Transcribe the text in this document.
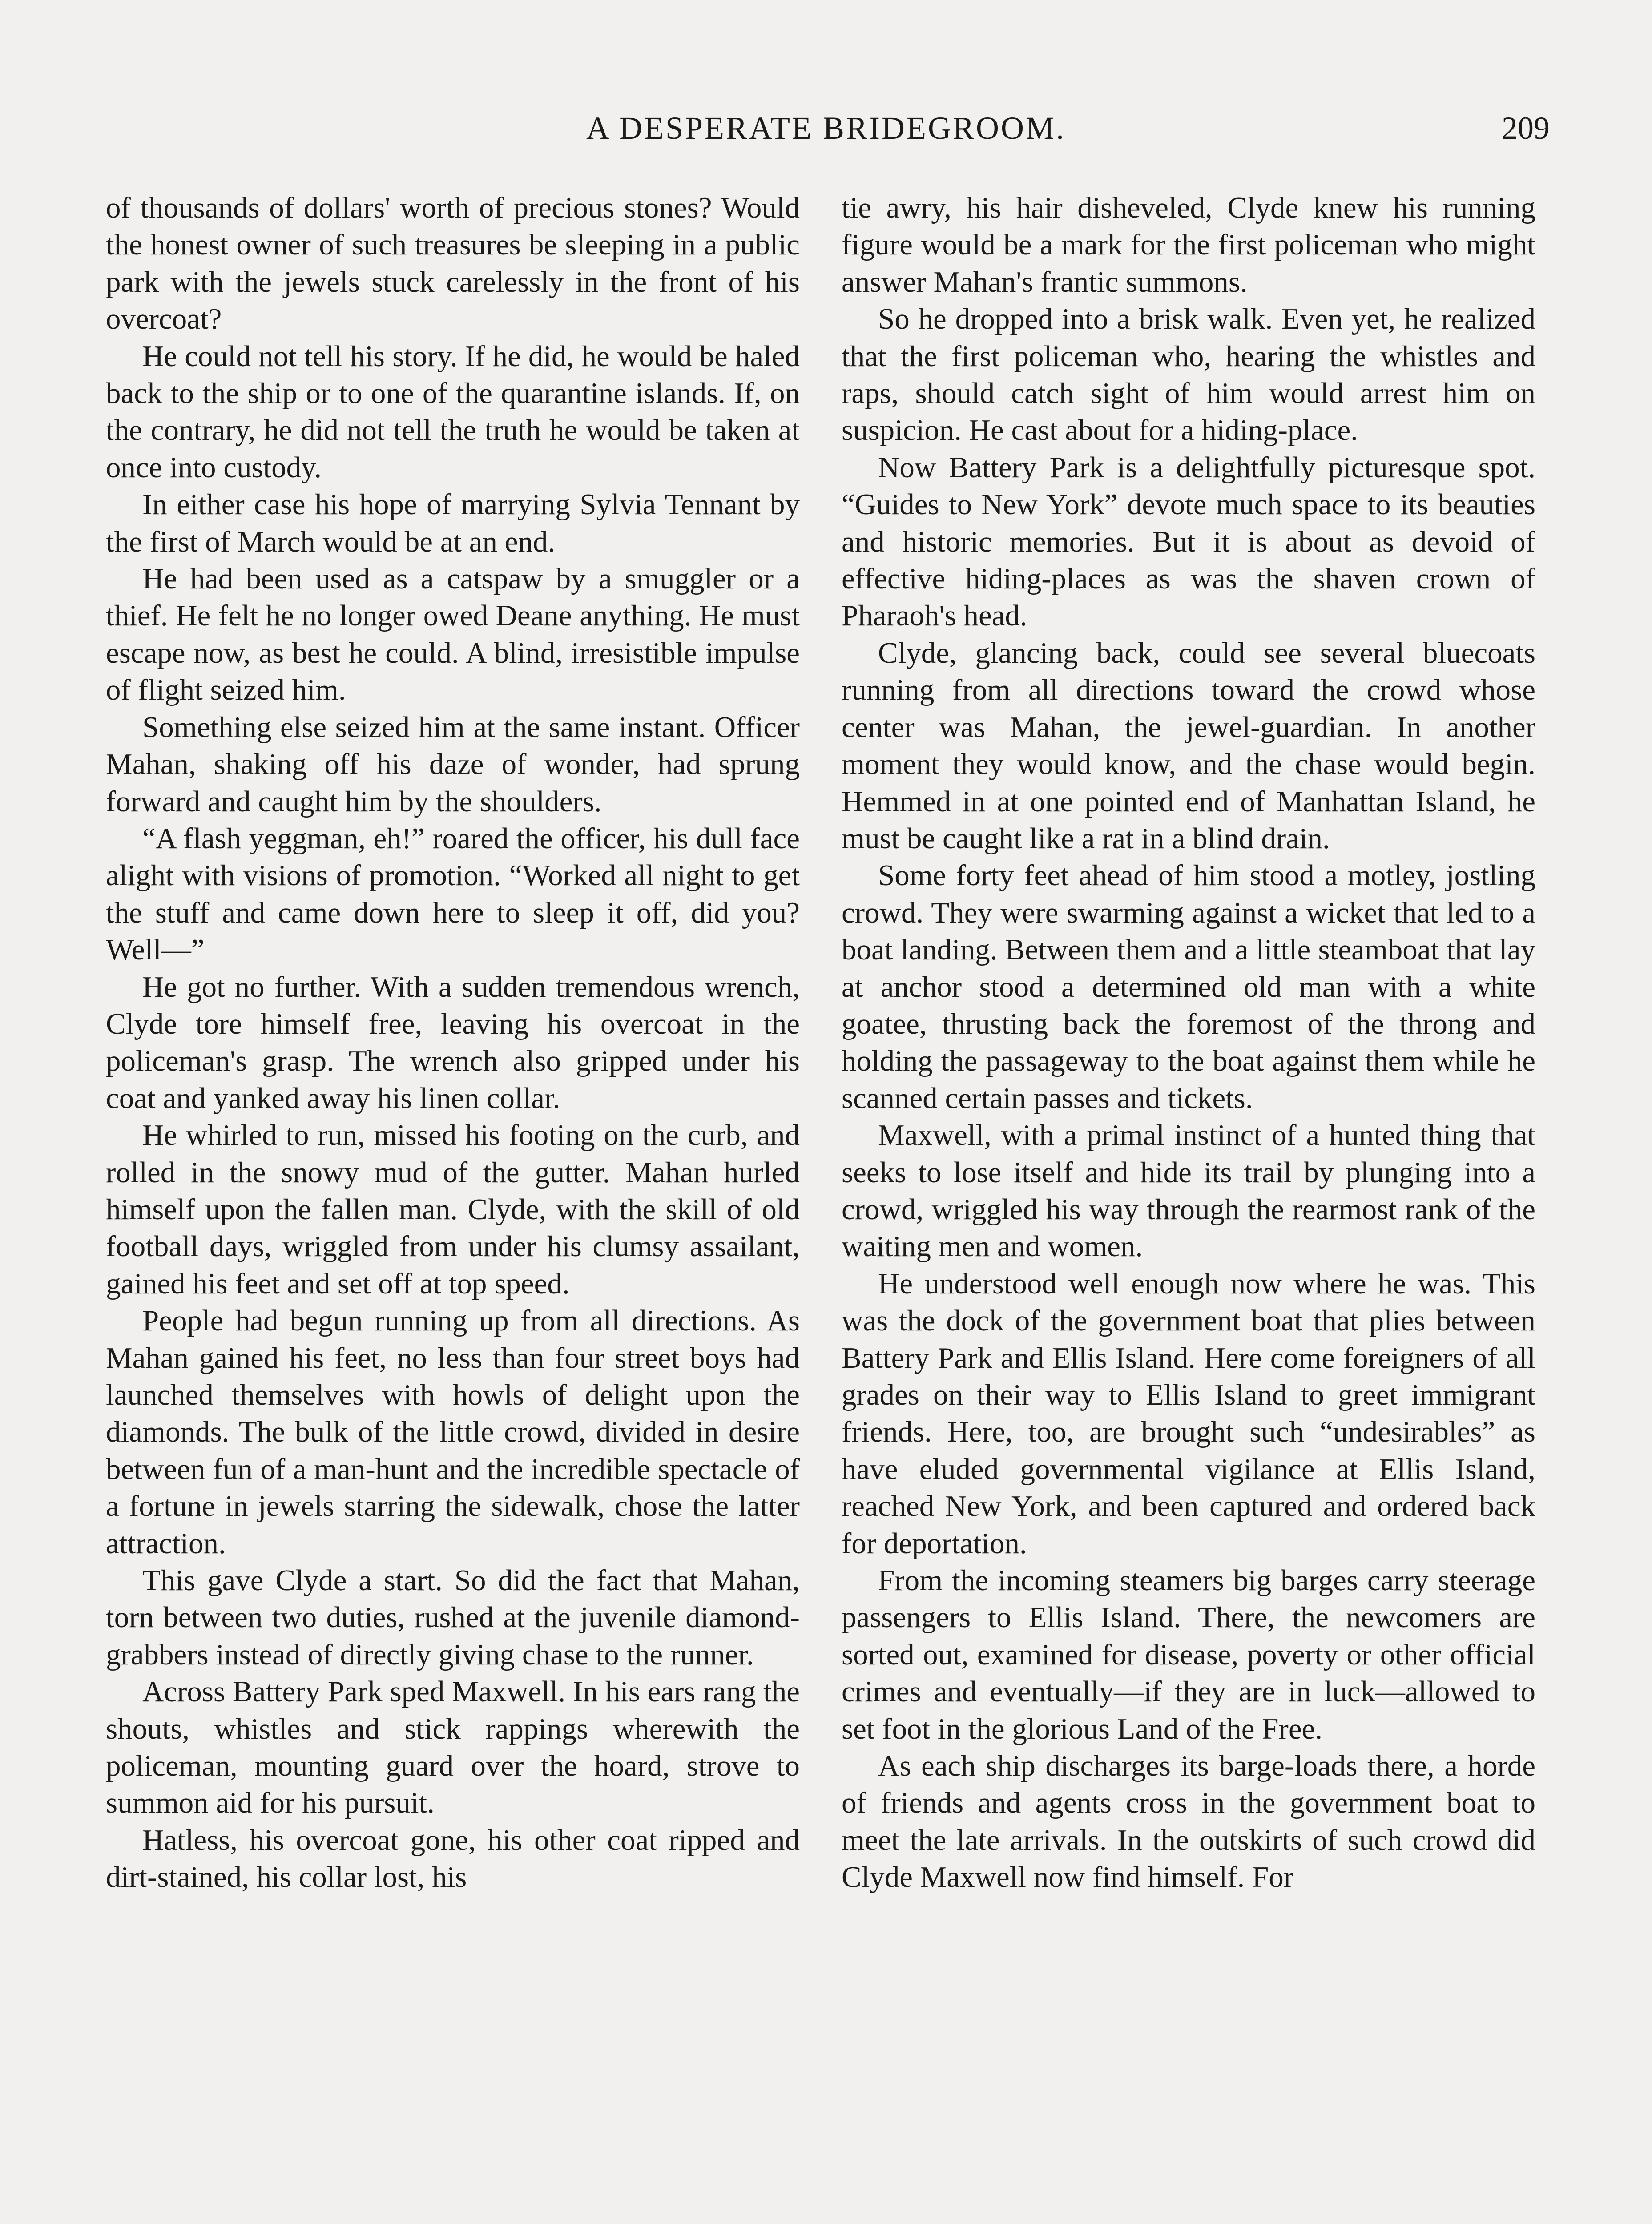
A DESPERATE BRIDEGROOM.	209

of thousands of dollars' worth of precious stones? Would the honest owner of such treasures be sleeping in a public park with the jewels stuck carelessly in the front of his overcoat?

He could not tell his story. If he did, he would be haled back to the ship or to one of the quarantine islands. If, on the contrary, he did not tell the truth he would be taken at once into custody.

In either case his hope of marrying Sylvia Tennant by the first of March would be at an end.

He had been used as a catspaw by a smuggler or a thief. He felt he no longer owed Deane anything. He must escape now, as best he could. A blind, irresistible impulse of flight seized him.

Something else seized him at the same instant. Officer Mahan, shaking off his daze of wonder, had sprung forward and caught him by the shoulders.

“A flash yeggman, eh!” roared the officer, his dull face alight with visions of promotion. “Worked all night to get the stuff and came down here to sleep it off, did you? Well—”

He got no further. With a sudden tremendous wrench, Clyde tore himself free, leaving his overcoat in the policeman's grasp. The wrench also gripped under his coat and yanked away his linen collar.

He whirled to run, missed his footing on the curb, and rolled in the snowy mud of the gutter. Mahan hurled himself upon the fallen man. Clyde, with the skill of old football days, wriggled from under his clumsy assailant, gained his feet and set off at top speed.

People had begun running up from all directions. As Mahan gained his feet, no less than four street boys had launched themselves with howls of delight upon the diamonds. The bulk of the little crowd, divided in desire between fun of a man-hunt and the incredible spectacle of a fortune in jewels starring the sidewalk, chose the latter attraction.

This gave Clyde a start. So did the fact that Mahan, torn between two duties, rushed at the juvenile diamond-grabbers instead of directly giving chase to the runner.

Across Battery Park sped Maxwell. In his ears rang the shouts, whistles and stick rappings wherewith the policeman, mounting guard over the hoard, strove to summon aid for his pursuit.

Hatless, his overcoat gone, his other coat ripped and dirt-stained, his collar lost, his

tie awry, his hair disheveled, Clyde knew his running figure would be a mark for the first policeman who might answer Mahan's frantic summons.

So he dropped into a brisk walk. Even yet, he realized that the first policeman who, hearing the whistles and raps, should catch sight of him would arrest him on suspicion. He cast about for a hiding-place.

Now Battery Park is a delightfully picturesque spot. “Guides to New York” devote much space to its beauties and historic memories. But it is about as devoid of effective hiding-places as was the shaven crown of Pharaoh's head.

Clyde, glancing back, could see several bluecoats running from all directions toward the crowd whose center was Mahan, the jewel-guardian. In another moment they would know, and the chase would begin. Hemmed in at one pointed end of Manhattan Island, he must be caught like a rat in a blind drain.

Some forty feet ahead of him stood a motley, jostling crowd. They were swarming against a wicket that led to a boat landing. Between them and a little steamboat that lay at anchor stood a determined old man with a white goatee, thrusting back the foremost of the throng and holding the passageway to the boat against them while he scanned certain passes and tickets.

Maxwell, with a primal instinct of a hunted thing that seeks to lose itself and hide its trail by plunging into a crowd, wriggled his way through the rearmost rank of the waiting men and women.

He understood well enough now where he was. This was the dock of the government boat that plies between Battery Park and Ellis Island. Here come foreigners of all grades on their way to Ellis Island to greet immigrant friends. Here, too, are brought such “undesirables” as have eluded governmental vigilance at Ellis Island, reached New York, and been captured and ordered back for deportation.

From the incoming steamers big barges carry steerage passengers to Ellis Island. There, the newcomers are sorted out, examined for disease, poverty or other official crimes and eventually—if they are in luck—allowed to set foot in the glorious Land of the Free.

As each ship discharges its barge-loads there, a horde of friends and agents cross in the government boat to meet the late arrivals. In the outskirts of such crowd did Clyde Maxwell now find himself. For
